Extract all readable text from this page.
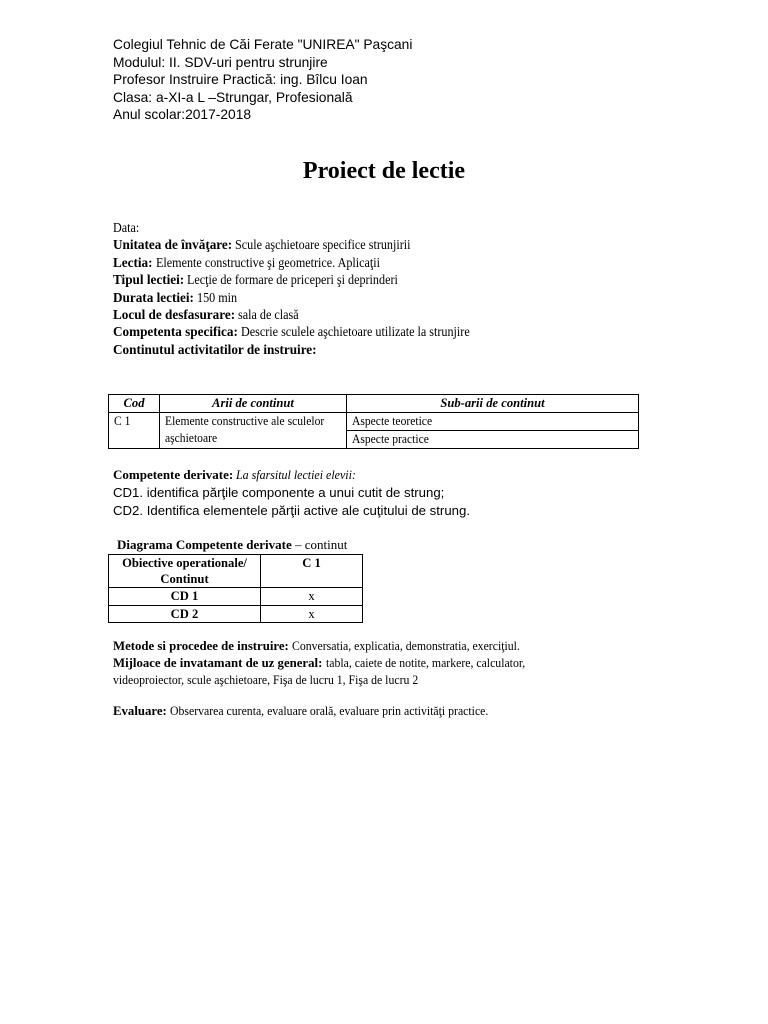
Colegiul Tehnic de Căi Ferate "UNIREA" Paşcani
Modulul: II. SDV-uri pentru strunjire
Profesor Instruire Practică: ing. Bîlcu Ioan
Clasa: a-XI-a L –Strungar, Profesională
Anul scolar:2017-2018
Proiect de lectie
Data:
Unitatea de învăţare: Scule aşchietoare specifice strunjirii
Lectia: Elemente constructive şi geometrice. Aplicaţii
Tipul lectiei: Lecţie de formare de priceperi şi deprinderi
Durata lectiei: 150 min
Locul de desfasurare: sala de clasă
Competenta specifica: Descrie sculele aşchietoare utilizate la strunjire
Continutul activitatilor de instruire:
Cod	Arii de continut	Sub-arii de continut
C 1	Elemente constructive ale sculelor aşchietoare	Aspecte teoretice
		Aspecte practice
Competente derivate: La sfarsitul lectiei elevii:
CD1. identifica părţile componente a unui cutit de strung;
CD2. Identifica elementele părţii active ale cuţitului de strung.
Diagrama Competente derivate – continut
Obiective operationale/ Continut	C 1
CD 1	x
CD 2	x
Metode si procedee de instruire: Conversatia, explicatia, demonstratia, exerciţiul.
Mijloace de invatamant de uz general: tabla, caiete de notite, markere, calculator,
videoproiector, scule aşchietoare, Fişa de lucru 1, Fişa de lucru 2
Evaluare: Observarea curenta, evaluare orală, evaluare prin activităţi practice.
